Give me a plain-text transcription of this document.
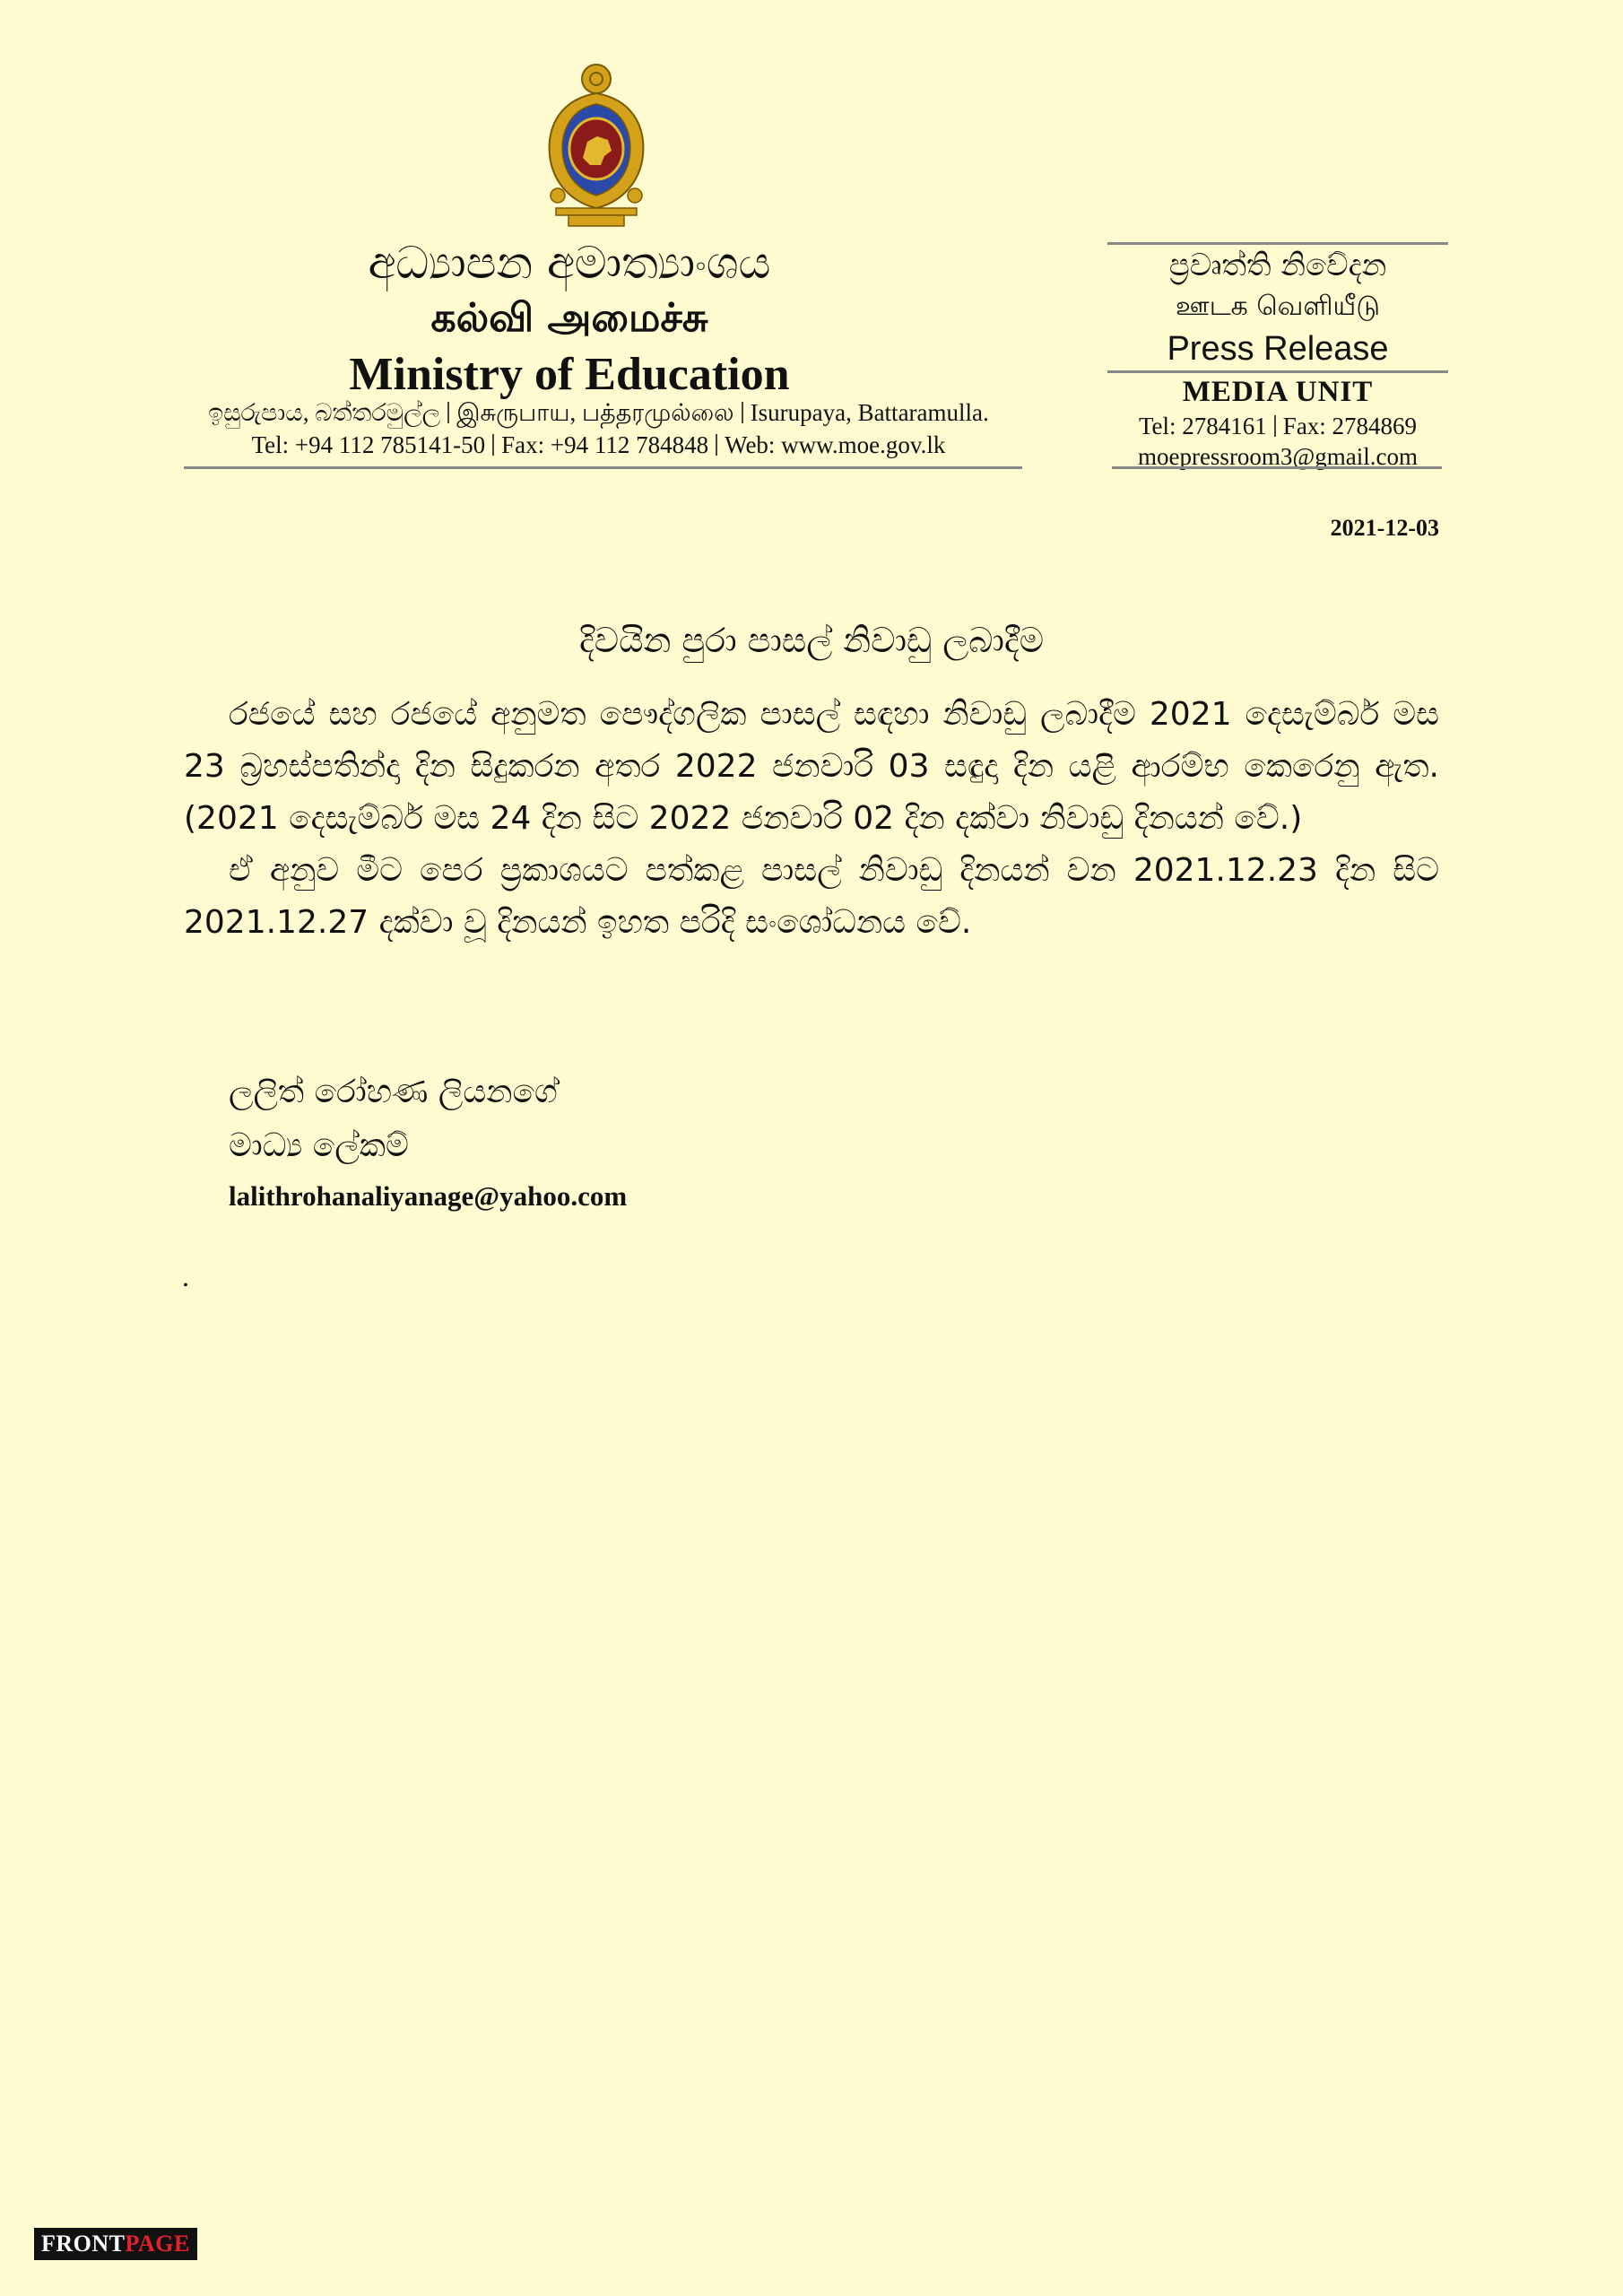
අධ්‍යාපන අමාත්‍යාංශය
கல்வி அமைச்சு
Ministry of Education
ඉසුරුපාය, බත්තරමුල්ල இசுருபாய, பத்தரமுல்லை Isurupaya, Battaramulla.
Tel: +94 112 785141-50 Fax: +94 112 784848 Web: www.moe.gov.lk
ප්‍රවෘත්ති නිවේදන
ஊடக வெளியீடு
Press Release
MEDIA UNIT
Tel: 2784161 Fax: 2784869
moepressroom3@gmail.com
2021-12-03
දිවයින පුරා පාසල් නිවාඩු ලබාදීම

රජයේ සහ රජයේ අනුමත පෞද්ගලික පාසල් සඳහා නිවාඩු ලබාදීම 2021 දෙසැම්බර් මස 23 බ්‍රහස්පතින්දා දින සිදුකරන අතර 2022 ජනවාරි 03 සඳුදා දින යළි ආරම්භ කෙරෙනු ඇත. (2021 දෙසැම්බර් මස 24 දින සිට 2022 ජනවාරි 02 දින දක්වා නිවාඩු දිනයන් වේ.)

ඒ අනුව මීට පෙර ප්‍රකාශයට පත්කළ පාසල් නිවාඩු දිනයන් වන 2021.12.23 දින සිට 2021.12.27 දක්වා වූ දිනයන් ඉහත පරිදි සංශෝධනය වේ.

ලලිත් රෝහණ ලියනගේ
මාධ්‍ය ලේකම්
lalithrohanaliyanage@yahoo.com
.
FRONTPAGE
